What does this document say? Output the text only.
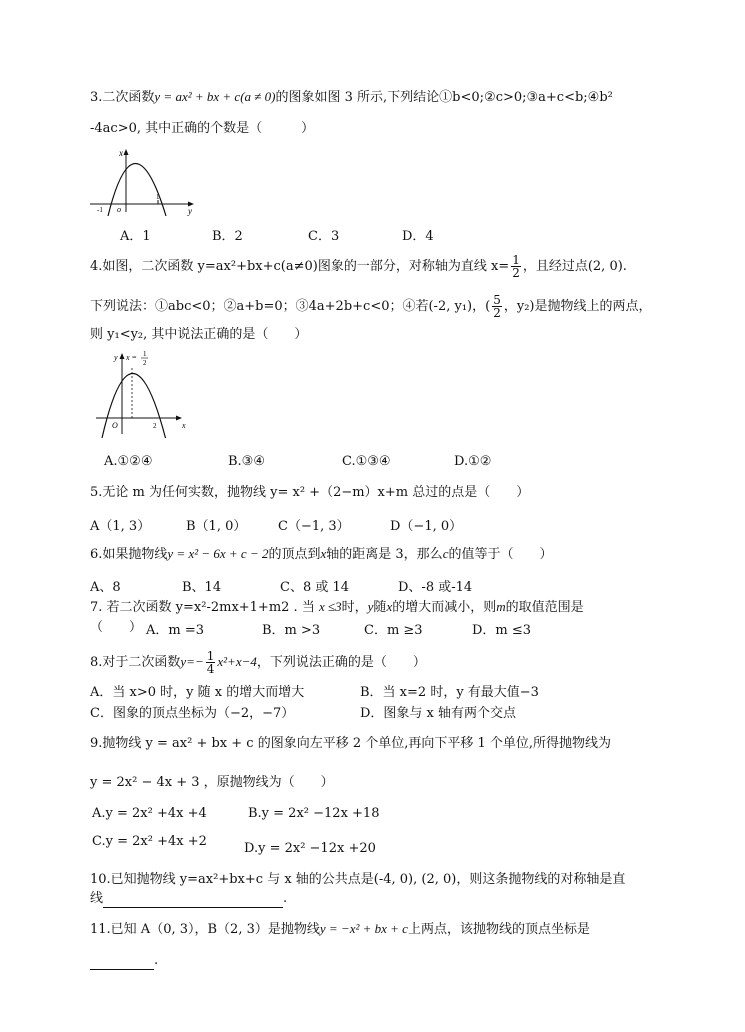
3.二次函数y = ax² + bx + c(a ≠ 0)的图象如图 3 所示,下列结论①b<0;②c>0;③a+c<b;④b²
-4ac>0, 其中正确的个数是（　　　）
x
y
o
-1
1
A．1	B．2	C．3	D．4
4.如图，二次函数 y=ax²+bx+c(a≠0)图象的一部分，对称轴为直线 $x= \frac{1}{2}$ ，且经过点(2, 0).
下列说法：①abc<0；②a+b=0；③4a+2b+c<0；④若(-2, y₁)，( $\frac{5}{2}$ ，y₂)是抛物线上的两点，
则 y₁<y₂, 其中说法正确的是（　　）
y x = 1
2
x
O	2
A.①②④	B.③④	C.①③④	D.①②
5.无论 m 为任何实数，抛物线 y= x² +（2−m）x+m 总过的点是（　　）
A（1, 3）	B（1, 0） C（−1, 3）	D（−1, 0）
6.如果抛物线y = x² − 6x + c − 2的顶点到x轴的距离是 3，那么c的值等于（　　）
A、8	B、14	C、8 或 14	D、-8 或-14
7. 若二次函数 y=x²-2mx+1+m2 . 当 x ≤3时，y随x的增大而减小，则m的取值范围是
（　　） A．m =3	B．m >3	C．m ≥3	D．m ≤3
8.对于二次函数$y=- \frac{1}{4} x^2+x-4$，下列说法正确的是（　　）
A．当 x>0 时，y 随 x 的增大而增大	B．当 x=2 时，y 有最大值−3
C．图象的顶点坐标为（−2，−7）	D．图象与 x 轴有两个交点
9.抛物线 y = ax² + bx + c 的图象向左平移 2 个单位,再向下平移 1 个单位,所得抛物线为
y = 2x² − 4x + 3 ，原抛物线为（　　）
A.y = 2x² +4x +4	B.y = 2x² −12x +18
C.y = 2x² +4x +2	D.y = 2x² −12x +20
10.已知抛物线 y=ax²+bx+c 与 x 轴的公共点是(-4, 0), (2, 0)，则这条抛物线的对称轴是直
线	.
11.已知 A（0, 3），B（2, 3）是抛物线y = −x² + bx + c上两点，该抛物线的顶点坐标是
.
